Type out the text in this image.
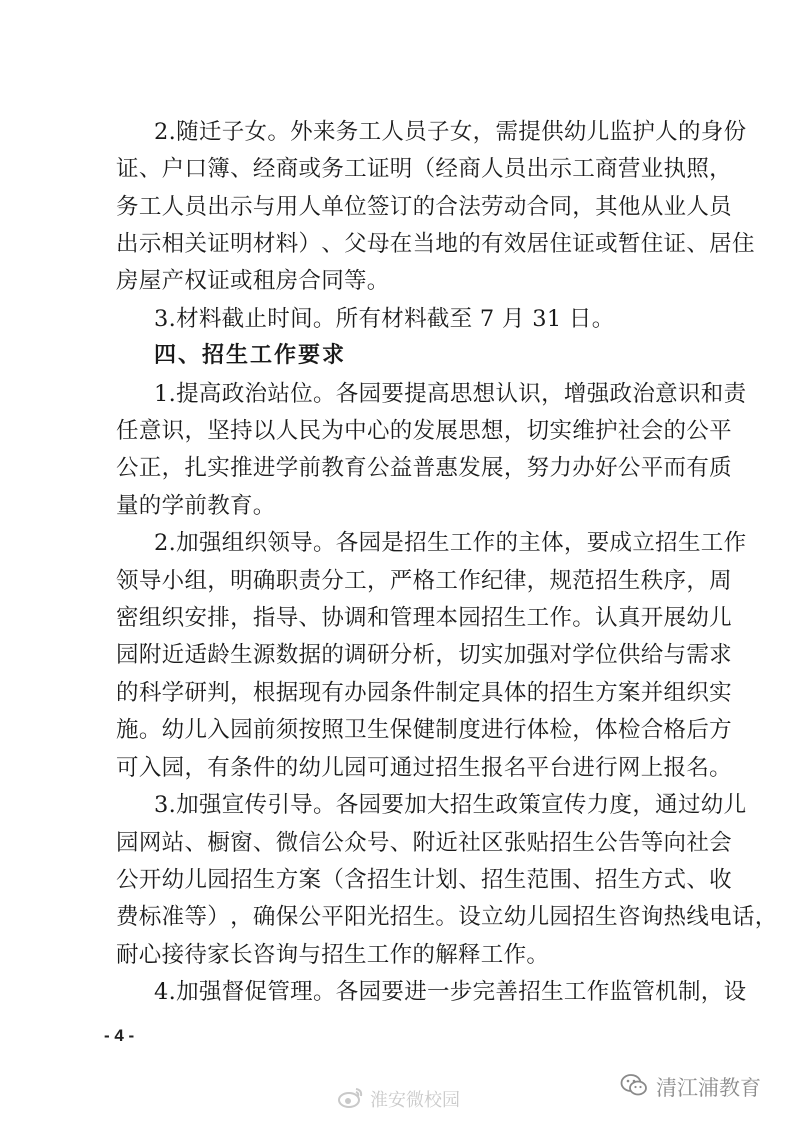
2 . 随 迁 子 女 。 外 来 务 工 人 员 子 女 ， 需 提 供 幼 儿 监 护 人 的 身 份
证 、 户 口 簿 、 经 商 或 务 工 证 明 （ 经 商 人 员 出 示 工 商 营 业 执 照 ，
务 工 人 员 出 示 与 用 人 单 位 签 订 的 合 法 劳 动 合 同 ， 其 他 从 业 人 员
出 示 相 关 证 明 材 料 ） 、 父 母 在 当 地 的 有 效 居 住 证 或 暂 住 证 、 居 住
房屋产权证或租房合同等。
3.材料截止时间。所有材料截至 7 月 31 日。
四、招生工作要求
1 . 提 高 政 治 站 位 。 各 园 要 提 高 思 想 认 识 ， 增 强 政 治 意 识 和 责
任 意 识 ， 坚 持 以 人 民 为 中 心 的 发 展 思 想 ， 切 实 维 护 社 会 的 公 平
公 正 ， 扎 实 推 进 学 前 教 育 公 益 普 惠 发 展 ， 努 力 办 好 公 平 而 有 质
量的学前教育。
2 . 加 强 组 织 领 导 。 各 园 是 招 生 工 作 的 主 体 ， 要 成 立 招 生 工 作
领 导 小 组 ， 明 确 职 责 分 工 ， 严 格 工 作 纪 律 ， 规 范 招 生 秩 序 ， 周
密 组 织 安 排 ， 指 导 、 协 调 和 管 理 本 园 招 生 工 作 。 认 真 开 展 幼 儿
园 附 近 适 龄 生 源 数 据 的 调 研 分 析 ， 切 实 加 强 对 学 位 供 给 与 需 求
的 科 学 研 判 ， 根 据 现 有 办 园 条 件 制 定 具 体 的 招 生 方 案 并 组 织 实
施 。 幼 儿 入 园 前 须 按 照 卫 生 保 健 制 度 进 行 体 检 ， 体 检 合 格 后 方
可 入 园 ， 有 条 件 的 幼 儿 园 可 通 过 招 生 报 名 平 台 进 行 网 上 报 名 。
3 . 加 强 宣 传 引 导 。 各 园 要 加 大 招 生 政 策 宣 传 力 度 ， 通 过 幼 儿
园 网 站 、 橱 窗 、 微 信 公 众 号 、 附 近 社 区 张 贴 招 生 公 告 等 向 社 会
公 开 幼 儿 园 招 生 方 案 （ 含 招 生 计 划 、 招 生 范 围 、 招 生 方 式 、 收
费 标 准 等 ） ， 确 保 公 平 阳 光 招 生 。 设 立 幼 儿 园 招 生 咨 询 热 线 电 话 ，
耐心接待家长咨询与招生工作的解释工作。
4 . 加 强 督 促 管 理 。 各 园 要 进 一 步 完 善 招 生 工 作 监 管 机 制 ， 设
- 4 -
淮安微校园
清江浦教育
